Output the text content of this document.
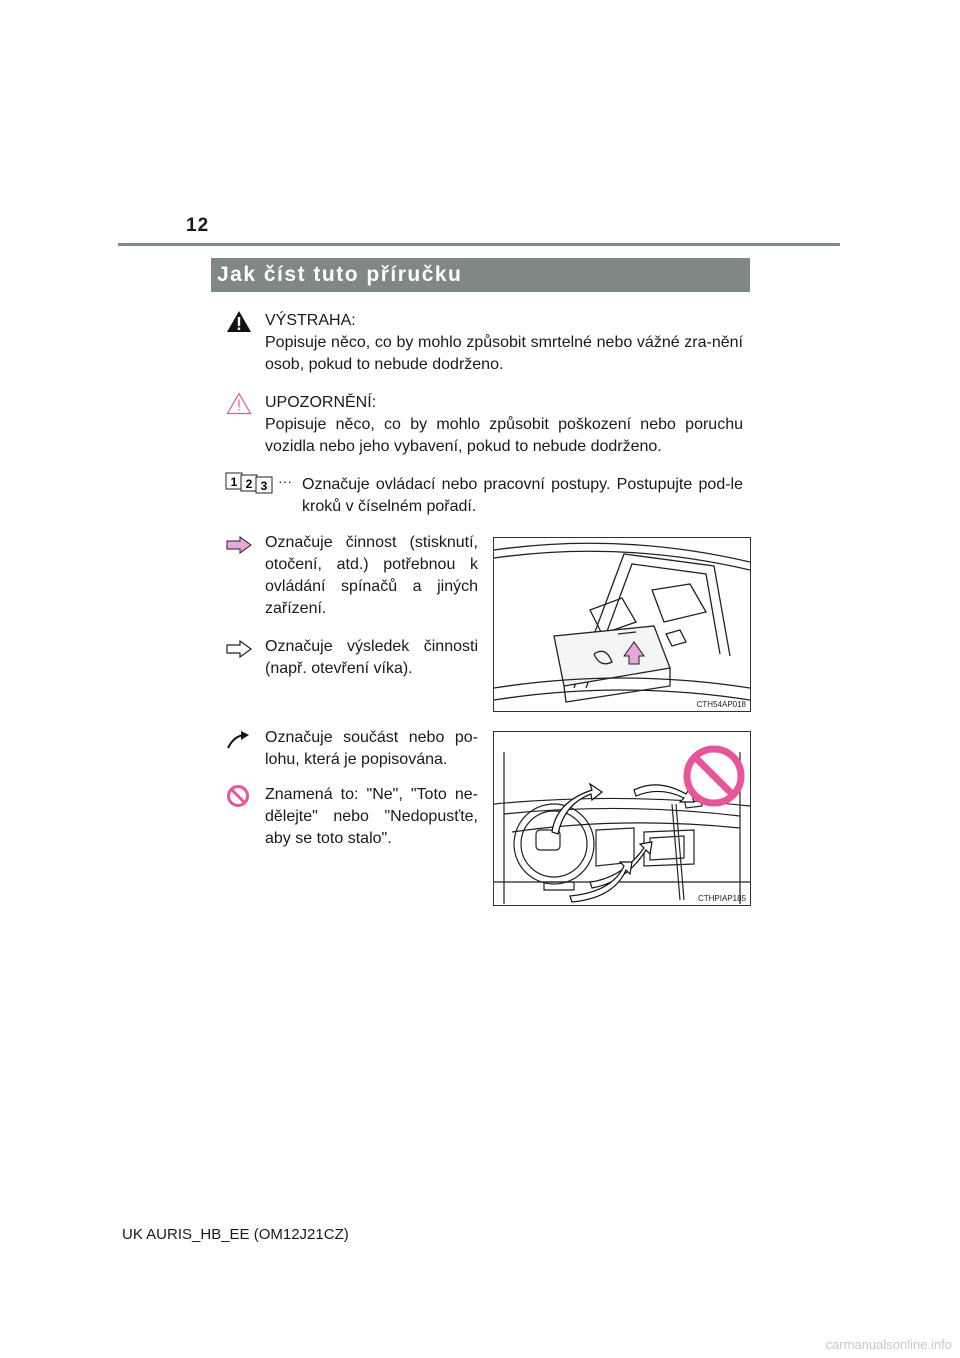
12
Jak číst tuto příručku
VÝSTRAHA:
Popisuje něco, co by mohlo způsobit smrtelné nebo vážné zra-nění osob, pokud to nebude dodrženo.
UPOZORNĚNÍ:
Popisuje něco, co by mohlo způsobit poškození nebo poruchu vozidla nebo jeho vybavení, pokud to nebude dodrženo.
1 2 3 ··· Označuje ovládací nebo pracovní postupy. Postupujte pod-le kroků v číselném pořadí.
Označuje činnost (stisknutí, otočení, atd.) potřebnou k ovládání spínačů a jiných zařízení.
Označuje výsledek činnosti (např. otevření víka).
CTH54AP018
Označuje součást nebo po-lohu, která je popisována.
Znamená to: "Ne", "Toto ne-dělejte" nebo "Nedopusťte, aby se toto stalo".
CTHPIAP185
UK AURIS_HB_EE (OM12J21CZ)
carmanualsonline.info
